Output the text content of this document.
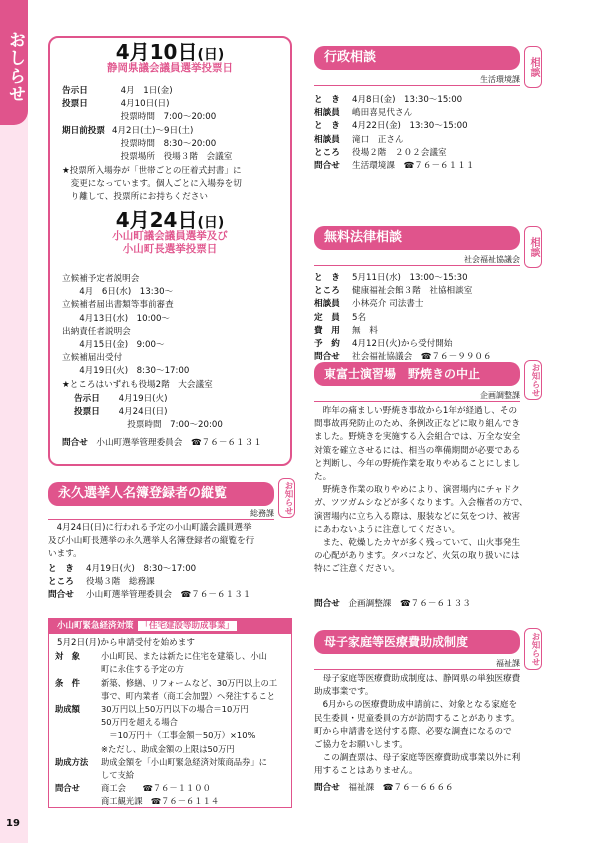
おしらせ
19
4月10日(日)
静岡県議会議員選挙投票日
告示日	　4月　1日(金)
投票日	　4月10日(日)
　投票時間　7:00～20:00
期日前投票 4月2日(土)～9日(土)
　投票時間　8:30～20:00
　投票場所　役場３階　会議室
★投票所入場券が「世帯ごとの圧着式封書」に
　変更になっています。個人ごとに入場券を切
　り離して、投票所にお持ちください
4月24日(日)
小山町議会議員選挙及び
小山町長選挙投票日
立候補予定者説明会
　　4月　6日(水)　13:30～
立候補者届出書類等事前審査
　　4月13日(水)　10:00～
出納責任者説明会
　　4月15日(金)　9:00～
立候補届出受付
　　4月19日(火)　8:30～17:00
★ところはいずれも役場2階　大会議室
告示日　4月19日(火)
投票日　4月24日(日)
　　投票時間　7:00～20:00
問合せ　 小山町選挙管理委員会　☎７６－６１３１
永久選挙人名簿登録者の縦覧	お知らせ
総務課
　4月24日(日)に行われる予定の小山町議会議員選挙
及び小山町長選挙の永久選挙人名簿登録者の縦覧を行
います。
と　き 4月19日(火)　8:30～17:00
ところ 役場３階　総務課
問合せ 小山町選挙管理委員会　☎７６－６１３１
小山町緊急経済対策 「住宅建設等助成事業」
5月2日(月)から申請受付を始めます
対　象	小山町民、または新たに住宅を建築し、小山
町に永住する予定の方
条　件	新築、修繕、リフォームなど、30万円以上の工
事で、町内業者（商工会加盟）へ発注すること
助成額	30万円以上50万円以下の場合＝10万円
50万円を超える場合
　＝10万円＋（工事金額－50万）×10%
※ただし、助成金額の上限は50万円
助成方法 助成金額を「小山町緊急経済対策商品券」に
して支給
問合せ	商工会　　☎７６－１１００
商工観光課　☎７６－６１１４
行政相談	相談
生活環境課
と　き 4月8日(金)　13:30～15:00
相談員 嶋田喜見代さん
と　き 4月22日(金)　13:30～15:00
相談員 滝口　正さん
ところ 役場２階　２０２会議室
問合せ 生活環境課　☎７６－６１１１
無料法律相談	相談
社会福祉協議会
と　き 5月11日(水)　13:00～15:30
ところ 健康福祉会館３階　社協相談室
相談員 小林亮介 司法書士
定　員 5名
費　用 無　料
予　約 4月12日(火)から受付開始
問合せ 社会福祉協議会　☎７６－９９０６
東富士演習場　野焼きの中止	お知らせ
企画調整課
　昨年の痛ましい野焼き事故から1年が経過し、その
間事故再発防止のため、条例改正などに取り組んでき
ました。野焼きを実施する入会組合では、万全な安全
対策を確立させるには、相当の準備期間が必要である
と判断し、今年の野焼作業を取りやめることにしまし
た。
　野焼き作業の取りやめにより、演習場内にチャドク
ガ、ツツガムシなどが多くなります。入会権者の方で、
演習場内に立ち入る際は、服装などに気をつけ、被害
にあわないように注意してください。
　また、乾燥したカヤが多く残っていて、山火事発生
の心配があります。タバコなど、火気の取り扱いには
特にご注意ください。
問合せ　 企画調整課　☎７６－６１３３
母子家庭等医療費助成制度	お知らせ
福祉課
　母子家庭等医療費助成制度は、静岡県の単独医療費
助成事業です。
　6月からの医療費助成申請前に、対象となる家庭を
民生委員・児童委員の方が訪問することがあります。
町から申請書を送付する際、必要な調査になるので
ご協力をお願いします。
　この調査票は、母子家庭等医療費助成事業以外に利
用することはありません。
問合せ　 福祉課　☎７６－６６６６
